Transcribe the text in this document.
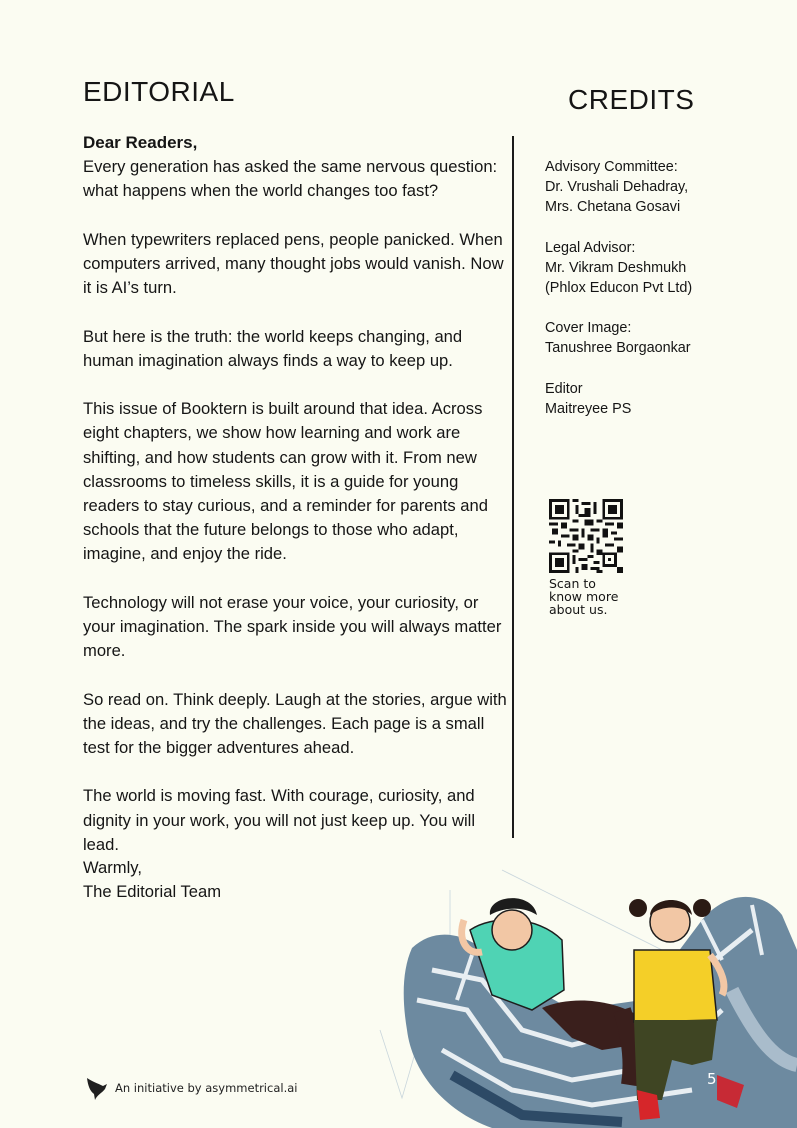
EDITORIAL	CREDITS
Dear Readers,

Every generation has asked the same nervous question: what happens when the world changes too fast?

When typewriters replaced pens, people panicked. When computers arrived, many thought jobs would vanish. Now it is AI’s turn.

But here is the truth: the world keeps changing, and human imagination always finds a way to keep up.

This issue of Booktern is built around that idea. Across eight chapters, we show how learning and work are shifting, and how students can grow with it. From new classrooms to timeless skills, it is a guide for young readers to stay curious, and a reminder for parents and schools that the future belongs to those who adapt, imagine, and enjoy the ride.

Technology will not erase your voice, your curiosity, or your imagination. The spark inside you will always matter more.

So read on. Think deeply. Laugh at the stories, argue with the ideas, and try the challenges. Each page is a small test for the bigger adventures ahead.

The world is moving fast. With courage, curiosity, and dignity in your work, you will not just keep up. You will lead.

Advisory Committee:
Dr. Vrushali Dehadray,
Mrs. Chetana Gosavi
Legal Advisor:
Mr. Vikram Deshmukh
(Phlox Educon Pvt Ltd)
Cover Image:
Tanushree Borgaonkar
Editor
Maitreyee PS
Scan to
know more
about us.
Warmly,
The Editorial Team
An initiative by asymmetrical.ai	5
